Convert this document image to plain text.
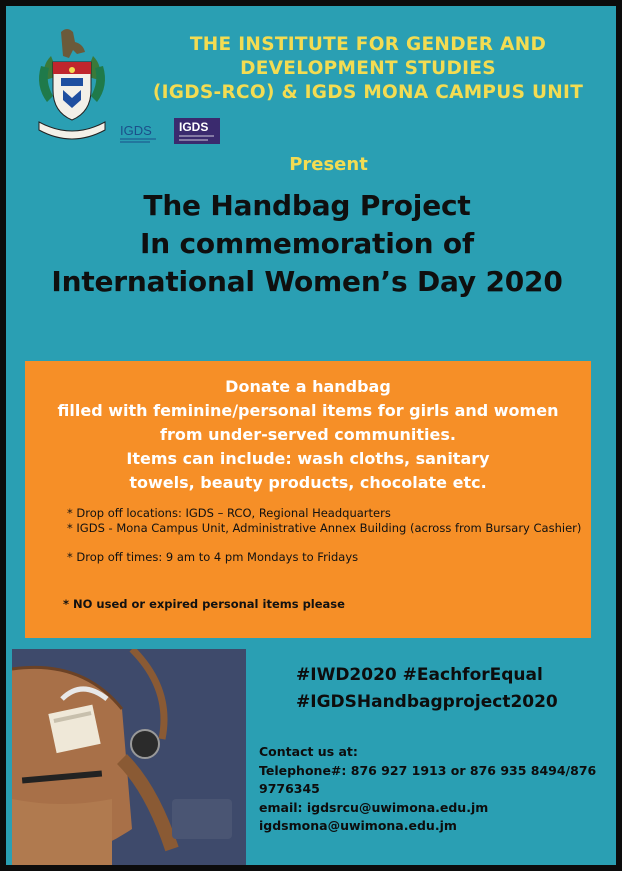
THE INSTITUTE FOR GENDER AND
DEVELOPMENT STUDIES
(IGDS-RCO) & IGDS MONA CAMPUS UNIT
IGDS IGDS
Present
The Handbag Project
In commemoration of
International Women’s Day 2020
Donate a handbag
filled with feminine/personal items for girls and women
from under-served communities.
Items can include: wash cloths, sanitary
towels, beauty products, chocolate etc.
* Drop off locations: IGDS – RCO, Regional Headquarters
* IGDS - Mona Campus Unit, Administrative Annex Building (across from Bursary Cashier)
* Drop off times: 9 am to 4 pm Mondays to Fridays
* NO used or expired personal items please
#IWD2020 #EachforEqual
#IGDSHandbagproject2020
Contact us at:
Telephone#: 876 927 1913 or 876 935 8494/876
9776345
email: igdsrcu@uwimona.edu.jm
igdsmona@uwimona.edu.jm
